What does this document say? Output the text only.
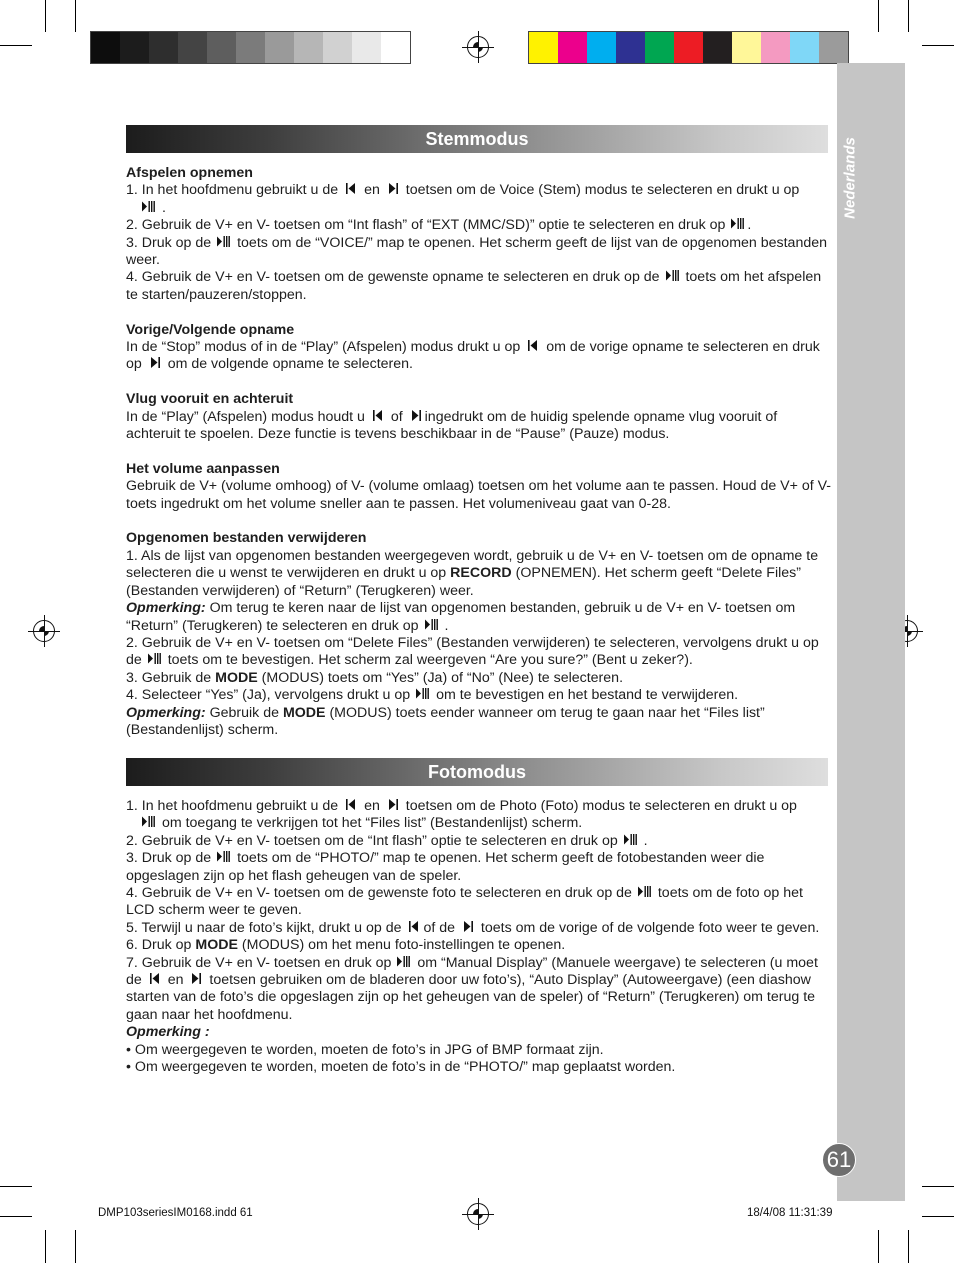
Nederlands
61
Stemmodus

Afspelen opnemen

1. In het hoofdmenu gebruikt u de en toetsen om de Voice (Stem) modus te selecteren en drukt u op

.

2. Gebruik de V+ en V- toetsen om “Int flash” of “EXT (MMC/SD)” optie te selecteren en druk op .

3. Druk op de toets om de “VOICE/” map te openen. Het scherm geeft de lijst van de opgenomen bestanden weer.

4. Gebruik de V+ en V- toetsen om de gewenste opname te selecteren en druk op de toets om het afspelen te starten/pauzeren/stoppen.

Vorige/Volgende opname

In de “Stop” modus of in de “Play” (Afspelen) modus drukt u op om de vorige opname te selecteren en druk op om de volgende opname te selecteren.

Vlug vooruit en achteruit

In de “Play” (Afspelen) modus houdt u of ingedrukt om de huidig spelende opname vlug vooruit of achteruit te spoelen. Deze functie is tevens beschikbaar in de “Pause” (Pauze) modus.

Het volume aanpassen

Gebruik de V+ (volume omhoog) of V- (volume omlaag) toetsen om het volume aan te passen. Houd de V+ of V- toets ingedrukt om het volume sneller aan te passen. Het volumeniveau gaat van 0-28.

Opgenomen bestanden verwijderen

1. Als de lijst van opgenomen bestanden weergegeven wordt, gebruik u de V+ en V- toetsen om de opname te selecteren die u wenst te verwijderen en drukt u op RECORD (OPNEMEN). Het scherm geeft “Delete Files” (Bestanden verwijderen) of “Return” (Terugkeren) weer.

Opmerking: Om terug te keren naar de lijst van opgenomen bestanden, gebruik u de V+ en V- toetsen om “Return” (Terugkeren) te selecteren en druk op .

2. Gebruik de V+ en V- toetsen om “Delete Files” (Bestanden verwijderen) te selecteren, vervolgens drukt u op de toets om te bevestigen. Het scherm zal weergeven “Are you sure?” (Bent u zeker?).

3. Gebruik de MODE (MODUS) toets om “Yes” (Ja) of “No” (Nee) te selecteren.

4. Selecteer “Yes” (Ja), vervolgens drukt u op om te bevestigen en het bestand te verwijderen.

Opmerking: Gebruik de MODE (MODUS) toets eender wanneer om terug te gaan naar het “Files list” (Bestandenlijst) scherm.

Fotomodus

1. In het hoofdmenu gebruikt u de en toetsen om de Photo (Foto) modus te selecteren en drukt u op

om toegang te verkrijgen tot het “Files list” (Bestandenlijst) scherm.

2. Gebruik de V+ en V- toetsen om de “Int flash” optie te selecteren en druk op .

3. Druk op de toets om de “PHOTO/” map te openen. Het scherm geeft de fotobestanden weer die opgeslagen zijn op het flash geheugen van de speler.

4. Gebruik de V+ en V- toetsen om de gewenste foto te selecteren en druk op de toets om de foto op het LCD scherm weer te geven.

5. Terwijl u naar de foto’s kijkt, drukt u op de of de toets om de vorige of de volgende foto weer te geven.

6. Druk op MODE (MODUS) om het menu foto-instellingen te openen.

7. Gebruik de V+ en V- toetsen en druk op om “Manual Display” (Manuele weergave) te selecteren (u moet de en toetsen gebruiken om de bladeren door uw foto’s), “Auto Display” (Autoweergave) (een diashow starten van de foto’s die opgeslagen zijn op het geheugen van de speler) of “Return” (Terugkeren) om terug te gaan naar het hoofdmenu.

Opmerking :

• Om weergegeven te worden, moeten de foto’s in JPG of BMP formaat zijn.

• Om weergegeven te worden, moeten de foto’s in de “PHOTO/” map geplaatst worden.

DMP103seriesIM0168.indd 61	18/4/08 11:31:39
